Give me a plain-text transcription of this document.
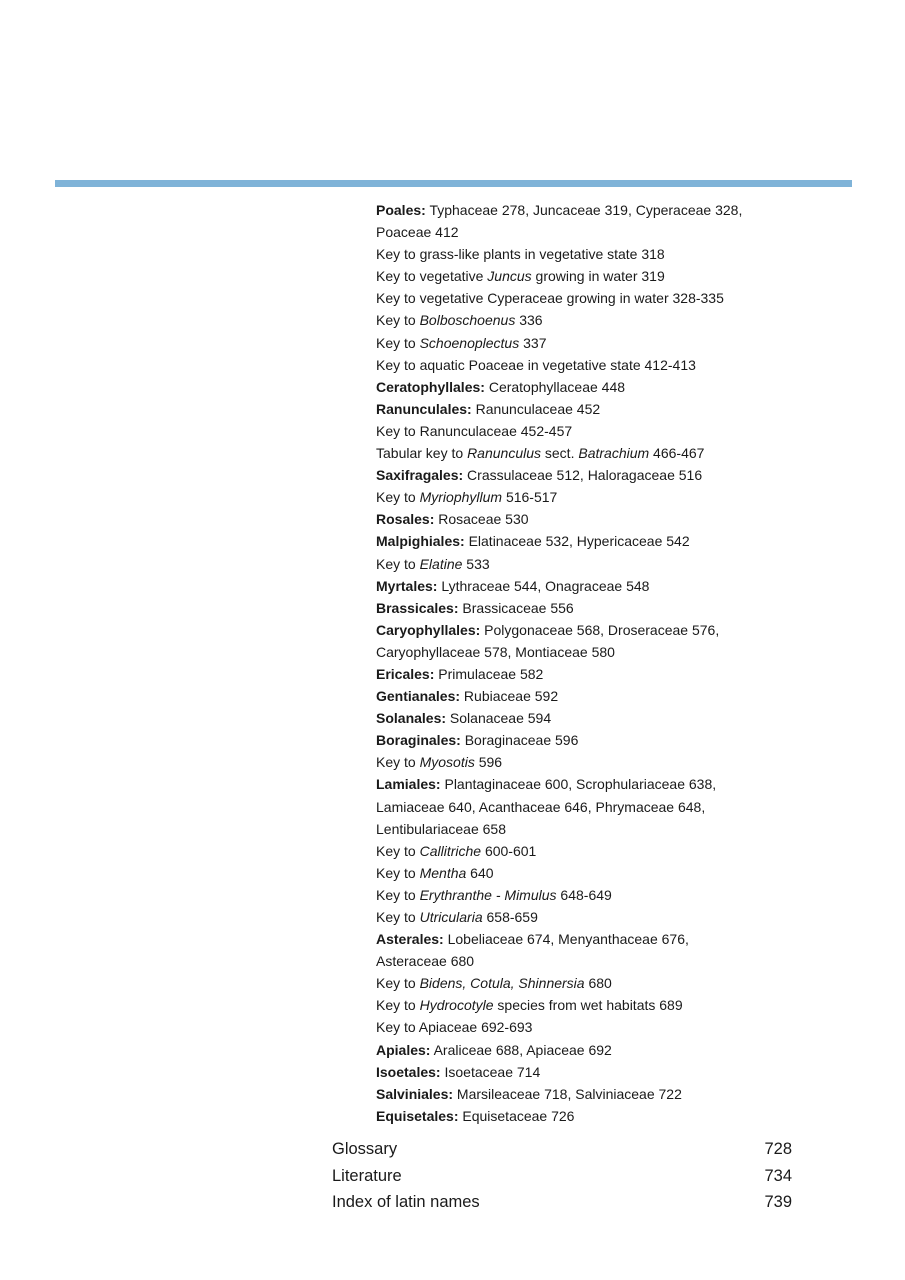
Poales: Typhaceae 278, Juncaceae 319, Cyperaceae 328,
Poaceae 412
Key to grass-like plants in vegetative state 318
Key to vegetative Juncus growing in water 319
Key to vegetative Cyperaceae growing in water 328-335
Key to Bolboschoenus 336
Key to Schoenoplectus 337
Key to aquatic Poaceae in vegetative state 412-413
Ceratophyllales: Ceratophyllaceae 448
Ranunculales: Ranunculaceae 452
Key to Ranunculaceae 452-457
Tabular key to Ranunculus sect. Batrachium 466-467
Saxifragales: Crassulaceae 512, Haloragaceae 516
Key to Myriophyllum 516-517
Rosales: Rosaceae 530
Malpighiales: Elatinaceae 532, Hypericaceae 542
Key to Elatine 533
Myrtales: Lythraceae 544, Onagraceae 548
Brassicales: Brassicaceae 556
Caryophyllales: Polygonaceae 568, Droseraceae 576,
Caryophyllaceae 578, Montiaceae 580
Ericales: Primulaceae 582
Gentianales: Rubiaceae 592
Solanales: Solanaceae 594
Boraginales: Boraginaceae 596
Key to Myosotis 596
Lamiales: Plantaginaceae 600, Scrophulariaceae 638,
Lamiaceae 640, Acanthaceae 646, Phrymaceae 648,
Lentibulariaceae 658
Key to Callitriche 600-601
Key to Mentha 640
Key to Erythranthe - Mimulus 648-649
Key to Utricularia 658-659
Asterales: Lobeliaceae 674, Menyanthaceae 676,
Asteraceae 680
Key to Bidens, Cotula, Shinnersia 680
Key to Hydrocotyle species from wet habitats 689
Key to Apiaceae 692-693
Apiales: Araliceae 688, Apiaceae 692
Isoetales: Isoetaceae 714
Salviniales: Marsileaceae 718, Salviniaceae 722
Equisetales: Equisetaceae 726
Glossary	728
Literature	734
Index of latin names	739
